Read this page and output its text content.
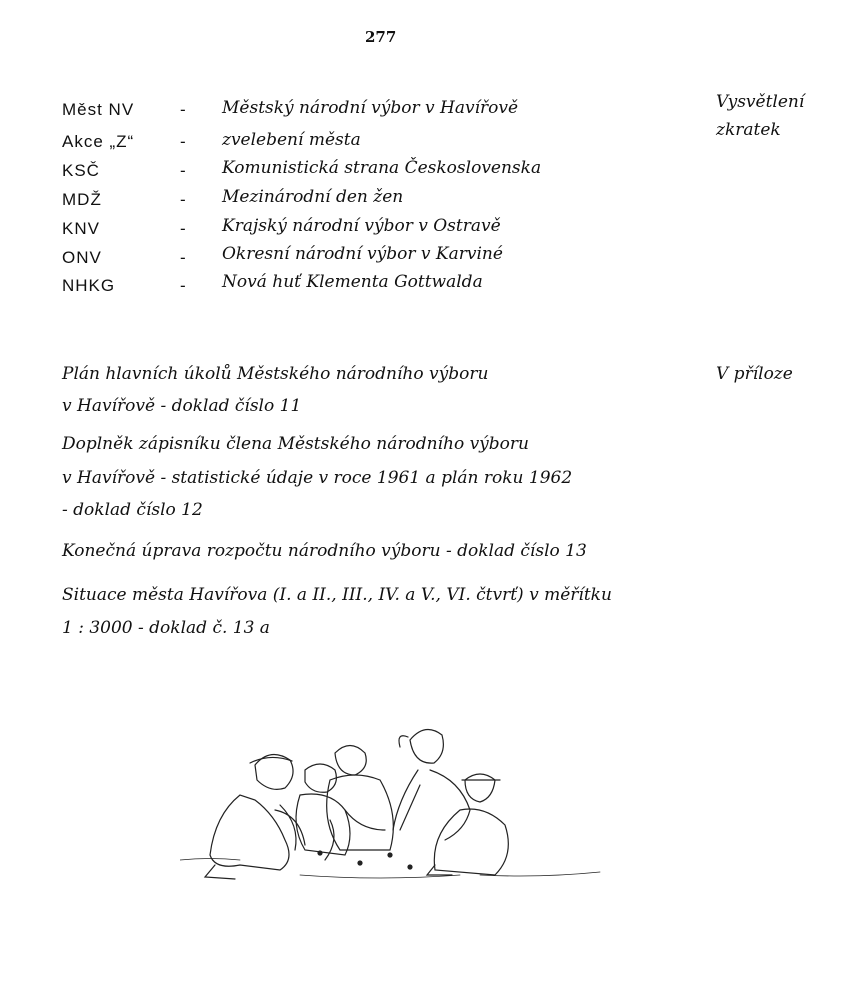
277
Měst NV	- Městský národní výbor v Havířově
Akce „Z“	- zvelebení města
KSČ	- Komunistická strana Československa
MDŽ	- Mezinárodní den žen
KNV	- Krajský národní výbor v Ostravě
ONV	- Okresní národní výbor v Karviné
NHKG	- Nová huť Klementa Gottwalda
Vysvětlení
zkratek
V příloze
Plán hlavních úkolů Městského národního výboru
v Havířově - doklad číslo 11
Doplněk zápisníku člena Městského národního výboru
v Havířově - statistické údaje v roce 1961 a plán roku 1962
- doklad číslo 12
Konečná úprava rozpočtu národního výboru - doklad číslo 13
Situace města Havířova (I. a II., III., IV. a V., VI. čtvrť) v měřítku
1 : 3000 - doklad č. 13 a
